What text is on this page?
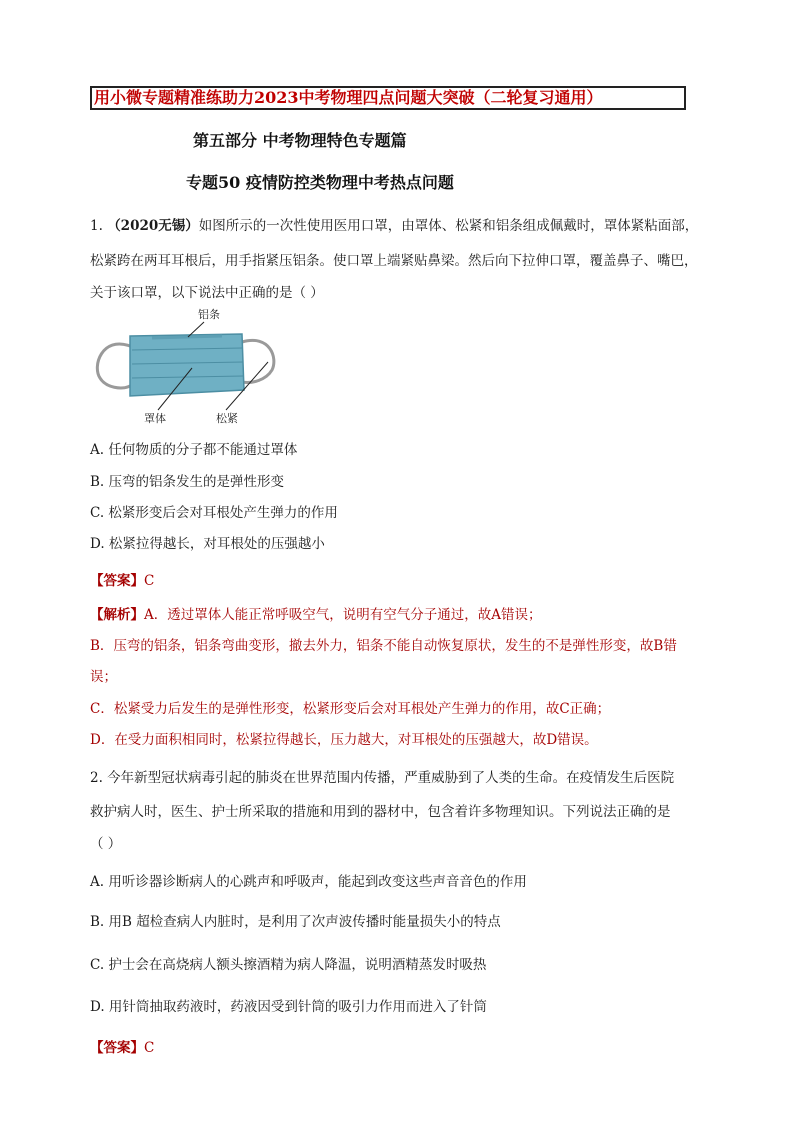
用小微专题精准练助力2023中考物理四点问题大突破（二轮复习通用）
第五部分 中考物理特色专题篇
专题50 疫情防控类物理中考热点问题
1. （2020无锡）如图所示的一次性使用医用口罩，由罩体、松紧和铝条组成佩戴时，罩体紧粘面部，
松紧跨在两耳耳根后，用手指紧压铝条。使口罩上端紧贴鼻梁。然后向下拉伸口罩，覆盖鼻子、嘴巴，
关于该口罩，以下说法中正确的是（ ）
铝条
罩体	松紧
A. 任何物质的分子都不能通过罩体
B. 压弯的铝条发生的是弹性形变
C. 松紧形变后会对耳根处产生弹力的作用
D. 松紧拉得越长，对耳根处的压强越小
【答案】C
【解析】A．透过罩体人能正常呼吸空气，说明有空气分子通过，故A错误；
B．压弯的铝条，铝条弯曲变形，撤去外力，铝条不能自动恢复原状，发生的不是弹性形变，故B错
误；
C．松紧受力后发生的是弹性形变，松紧形变后会对耳根处产生弹力的作用，故C正确；
D．在受力面积相同时，松紧拉得越长，压力越大，对耳根处的压强越大，故D错误。
2. 今年新型冠状病毒引起的肺炎在世界范围内传播，严重威胁到了人类的生命。在疫情发生后医院
救护病人时，医生、护士所采取的措施和用到的器材中，包含着许多物理知识。下列说法正确的是
（ ）
A. 用听诊器诊断病人的心跳声和呼吸声，能起到改变这些声音音色的作用
B. 用B 超检查病人内脏时，是利用了次声波传播时能量损失小的特点
C. 护士会在高烧病人额头擦酒精为病人降温，说明酒精蒸发时吸热
D. 用针筒抽取药液时，药液因受到针筒的吸引力作用而进入了针筒
【答案】C
